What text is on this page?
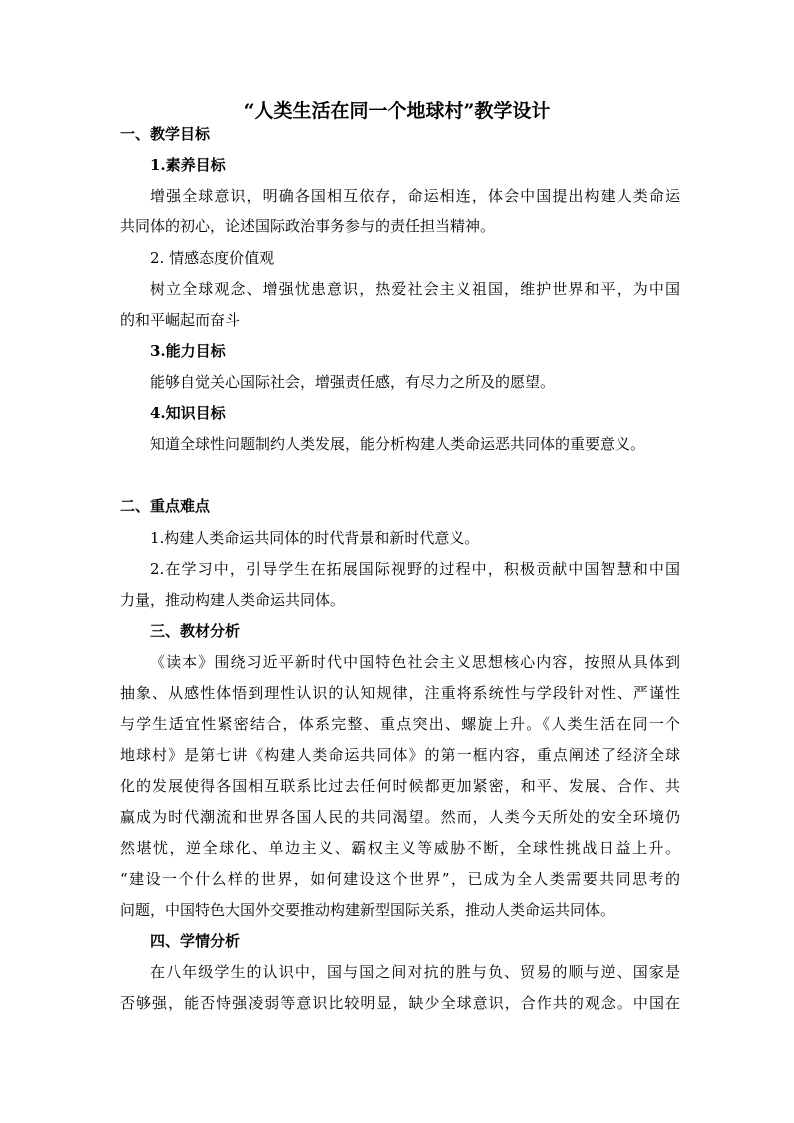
“人类生活在同一个地球村”教学设计
一、教学目标
1.素养目标
增强全球意识，明确各国相互依存，命运相连，体会中国提出构建人类命运
共同体的初心，论述国际政治事务参与的责任担当精神。
2. 情感态度价值观
树立全球观念、增强忧患意识，热爱社会主义祖国，维护世界和平，为中国
的和平崛起而奋斗
3.能力目标
能够自觉关心国际社会，增强责任感，有尽力之所及的愿望。
4.知识目标
知道全球性问题制约人类发展，能分析构建人类命运恶共同体的重要意义。
二、重点难点
1.构建人类命运共同体的时代背景和新时代意义。
2.在学习中，引导学生在拓展国际视野的过程中，积极贡献中国智慧和中国
力量，推动构建人类命运共同体。
三、教材分析
《读本》围绕习近平新时代中国特色社会主义思想核心内容，按照从具体到
抽象、从感性体悟到理性认识的认知规律，注重将系统性与学段针对性、严谨性
与学生适宜性紧密结合，体系完整、重点突出、螺旋上升。《人类生活在同一个
地球村》是第七讲《构建人类命运共同体》的第一框内容，重点阐述了经济全球
化的发展使得各国相互联系比过去任何时候都更加紧密，和平、发展、合作、共
赢成为时代潮流和世界各国人民的共同渴望。然而，人类今天所处的安全环境仍
然堪忧，逆全球化、单边主义、霸权主义等威胁不断，全球性挑战日益上升。
“建设一个什么样的世界，如何建设这个世界”，已成为全人类需要共同思考的
问题，中国特色大国外交要推动构建新型国际关系，推动人类命运共同体。
四、学情分析
在八年级学生的认识中，国与国之间对抗的胜与负、贸易的顺与逆、国家是
否够强，能否恃强凌弱等意识比较明显，缺少全球意识，合作共的观念。中国在
